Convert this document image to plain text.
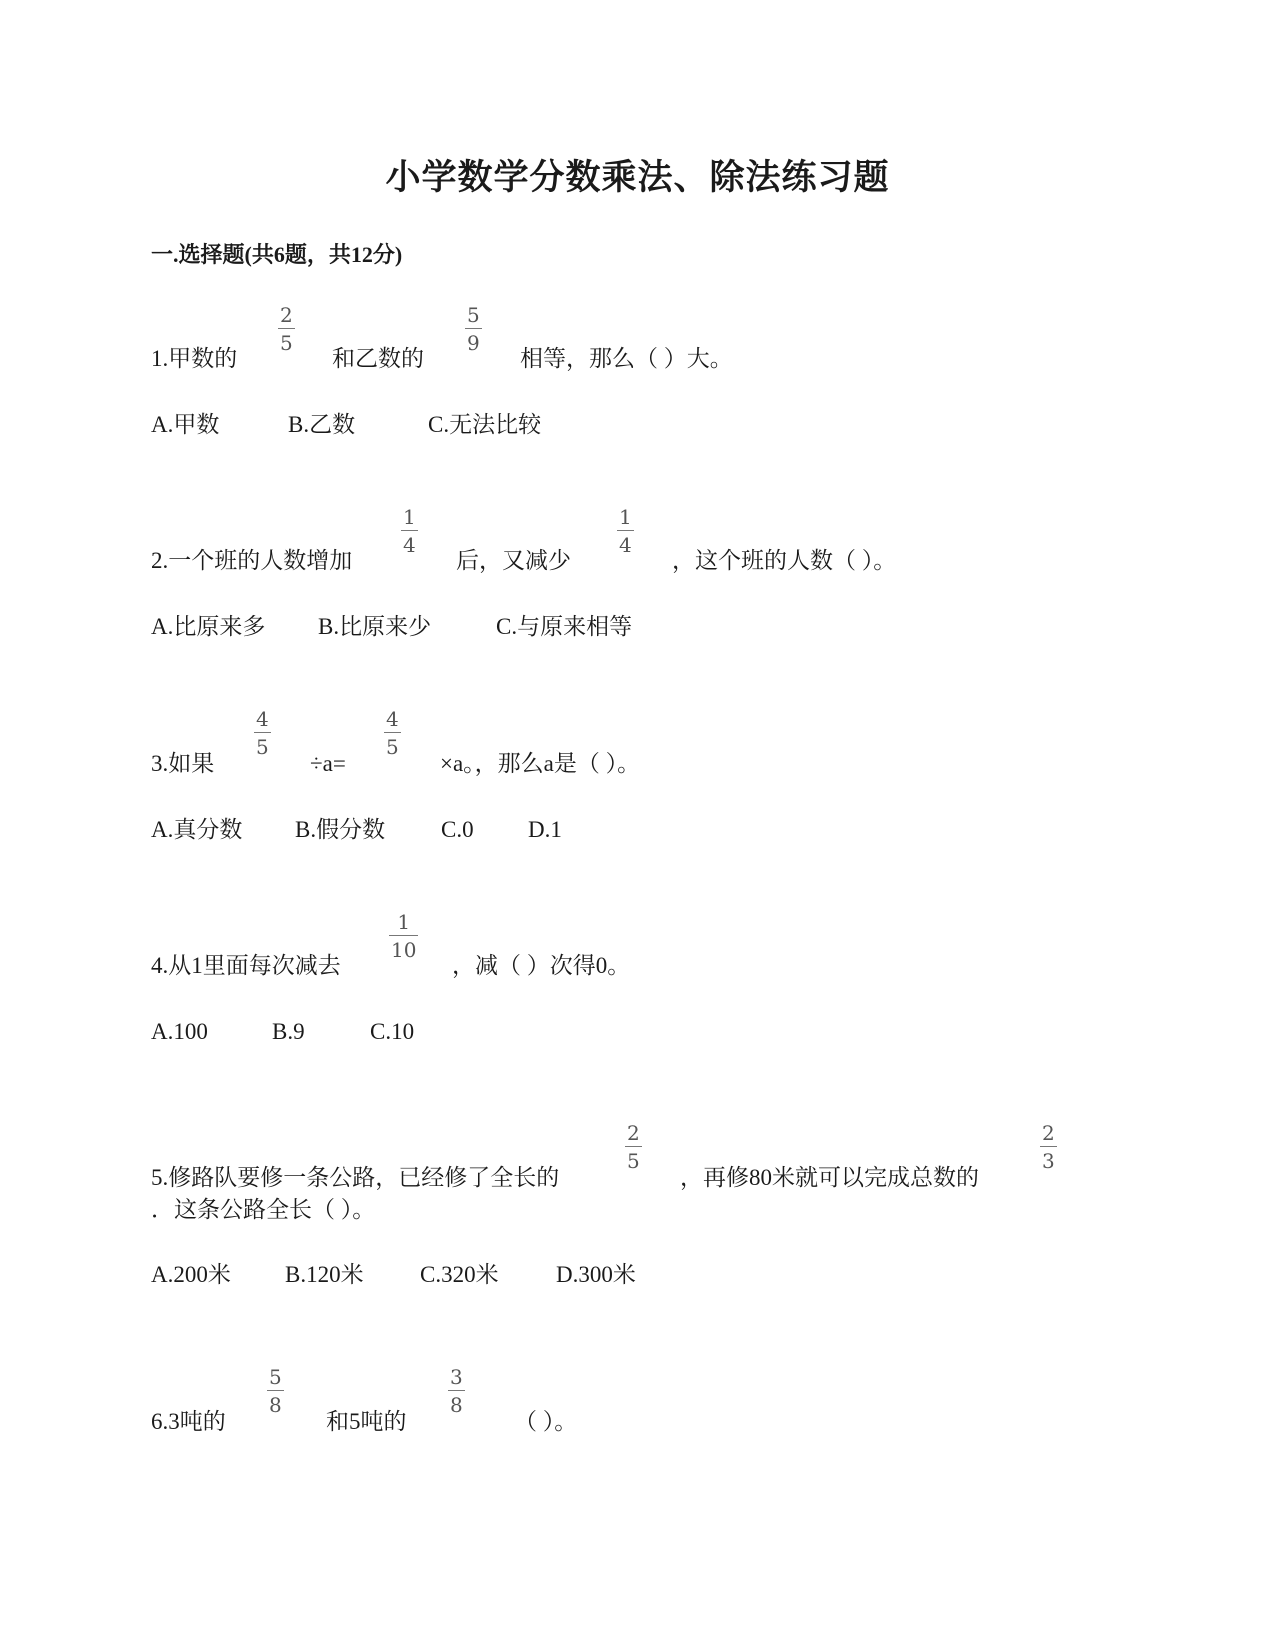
小学数学分数乘法、除法练习题
一.选择题(共6题，共12分)
1.甲数的
2
5
和乙数的
5
9
相等，那么（ ）大。
A.甲数	B.乙数	C.无法比较
2.一个班的人数增加
1
4
后，又减少
1
4
，这个班的人数（ ）。
A.比原来多 B.比原来少	C.与原来相等
3.如果
4
5
÷a=
4
5
×a。，那么a是（ ）。
A.真分数 B.假分数 C.0 D.1
4.从1里面每次减去
1
10
，减（ ）次得0。
A.100	B.9	C.10
5.修路队要修一条公路，已经修了全长的
2
5
，再修80米就可以完成总数的
2
3
．这条公路全长（ ）。
A.200米 B.120米 C.320米 D.300米
6.3吨的
5
8
和5吨的
3
8
（ ）。
